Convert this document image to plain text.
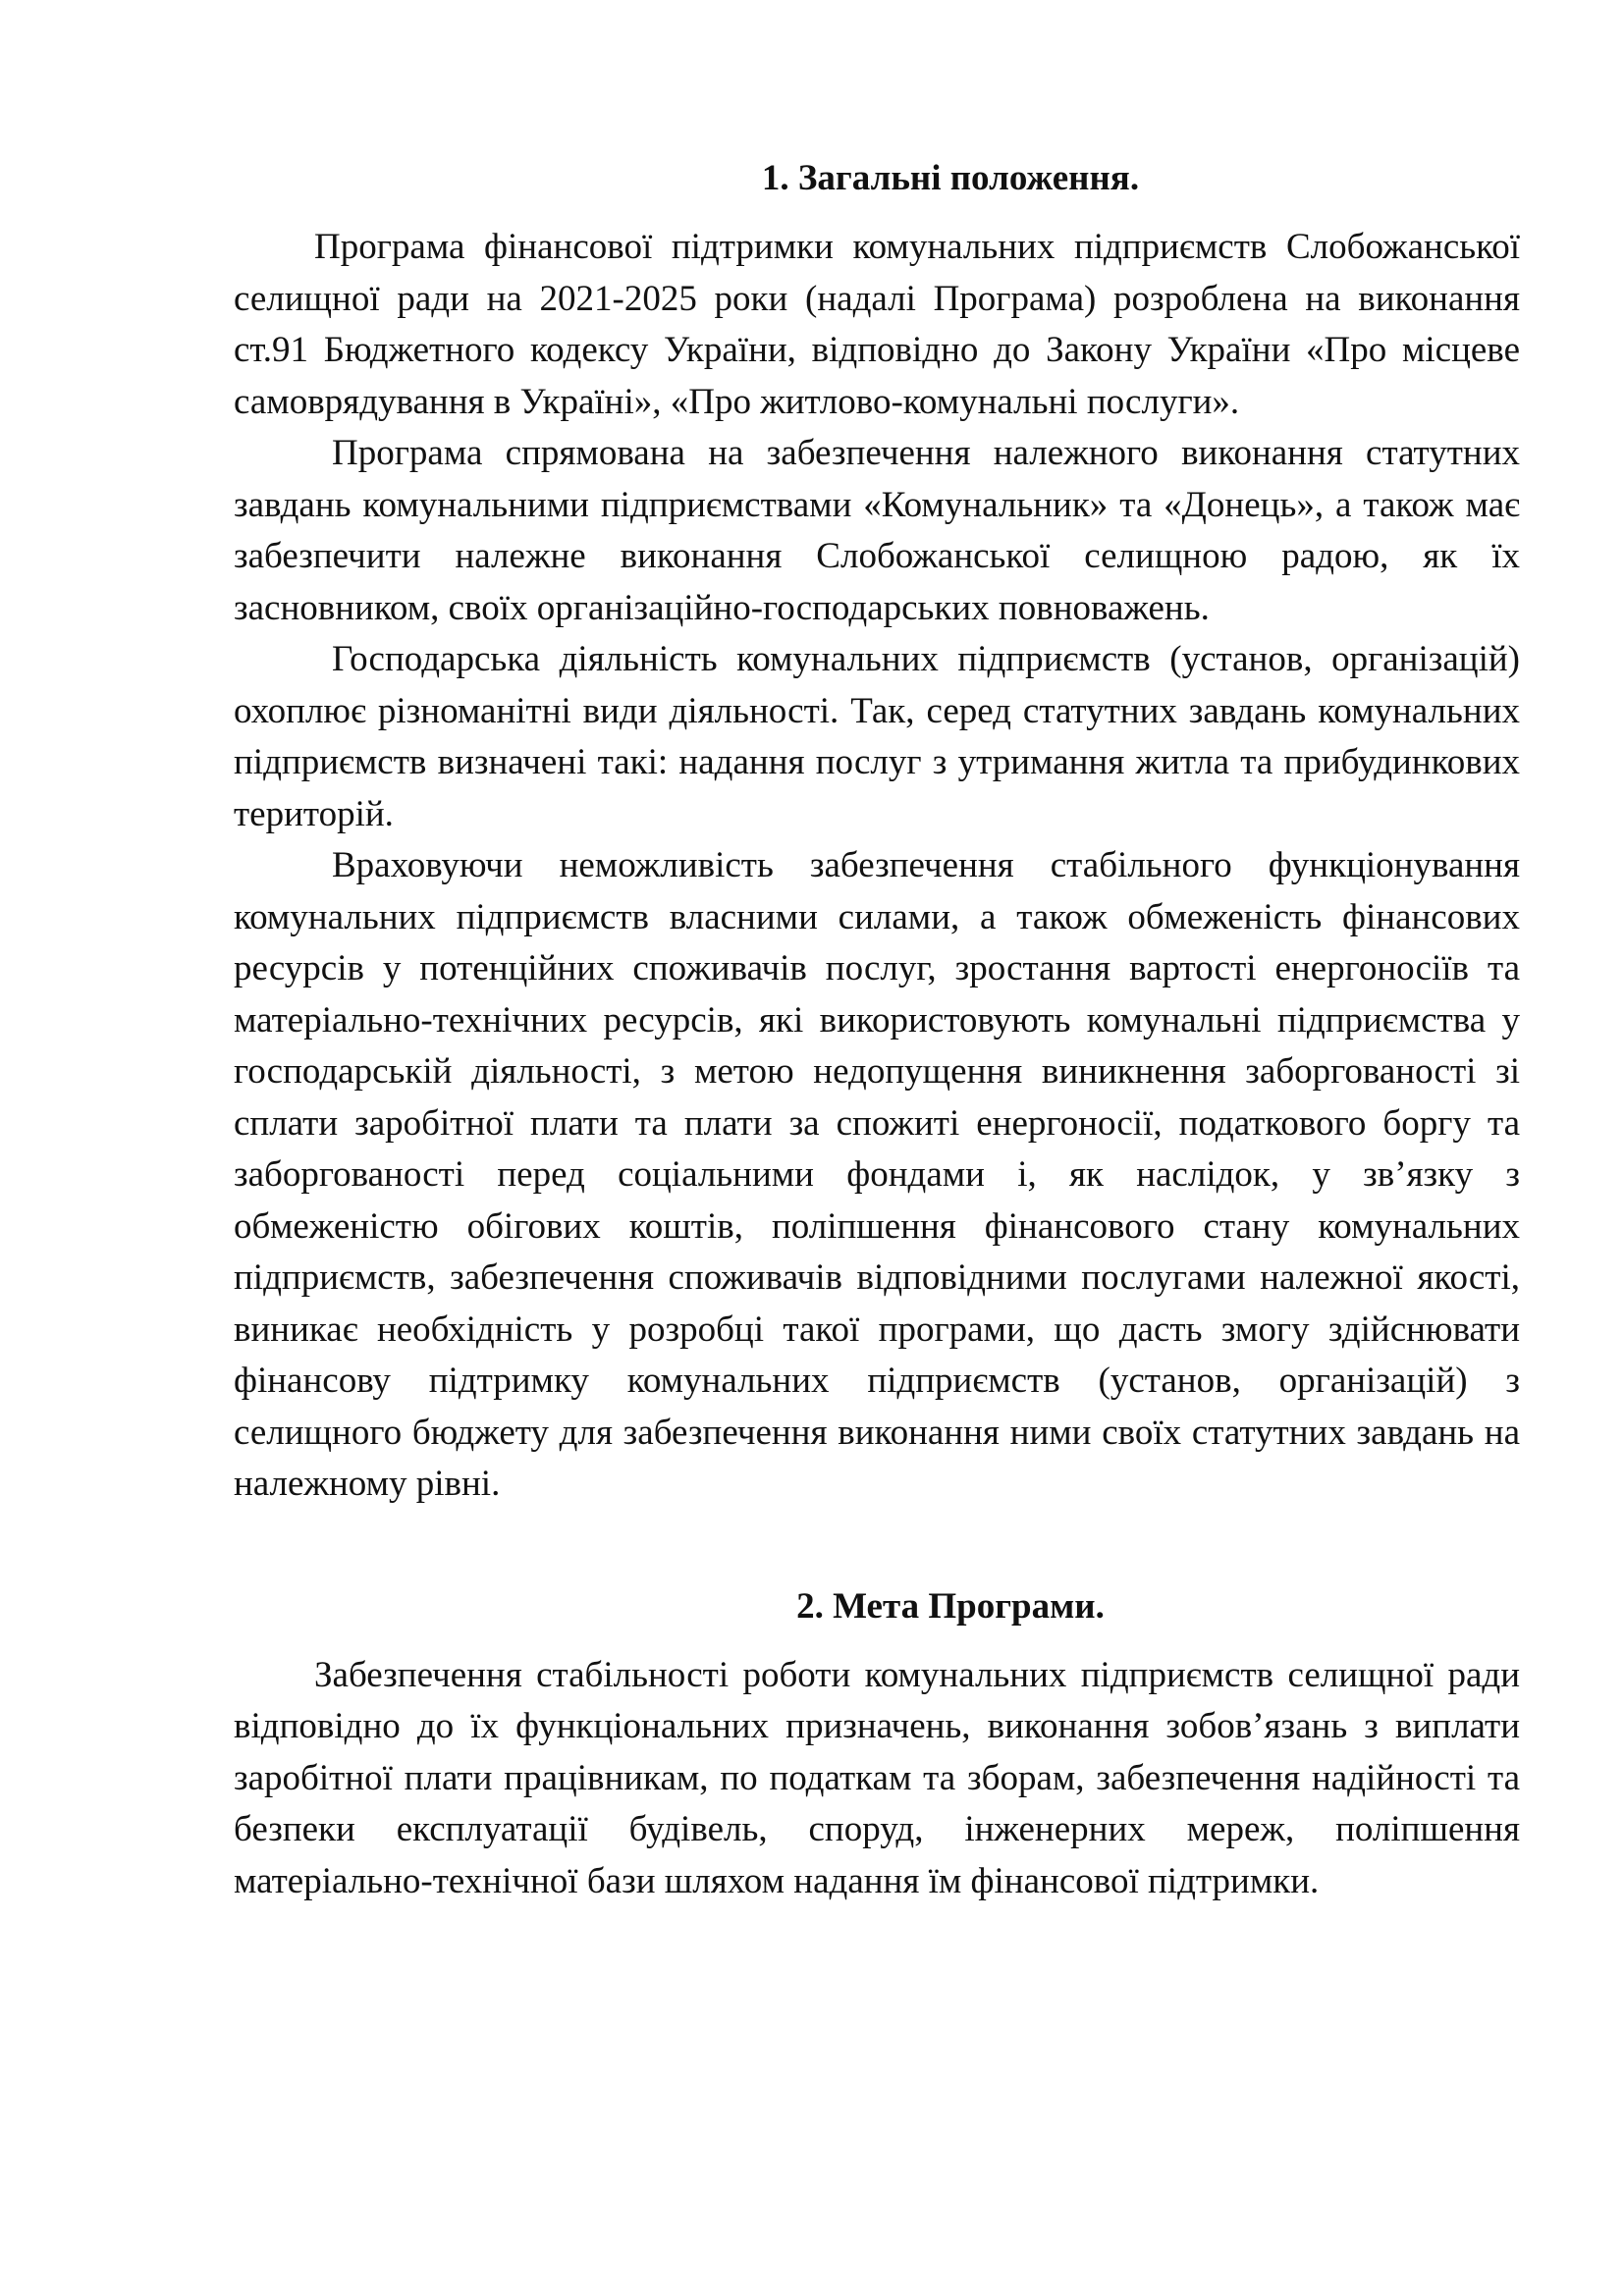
1. Загальні положення.

Програма фінансової підтримки комунальних підприємств Слобожанської селищної ради на 2021-2025 роки (надалі Програма) розроблена на виконання ст.91 Бюджетного кодексу України, відповідно до Закону України «Про місцеве самоврядування в Україні», «Про житлово-комунальні послуги».

Програма спрямована на забезпечення належного виконання статутних завдань комунальними підприємствами «Комунальник» та «Донець», а також має забезпечити належне виконання Слобожанської селищною радою, як їх засновником, своїх організаційно-господарських повноважень.

Господарська діяльність комунальних підприємств (установ, організацій) охоплює різноманітні види діяльності. Так, серед статутних завдань комунальних підприємств визначені такі: надання послуг з утримання житла та прибудинкових територій.

Враховуючи неможливість забезпечення стабільного функціонування комунальних підприємств власними силами, а також обмеженість фінансових ресурсів у потенційних споживачів послуг, зростання вартості енергоносіїв та матеріально-технічних ресурсів, які використовують комунальні підприємства у господарській діяльності, з метою недопущення виникнення заборгованості зі сплати заробітної плати та плати за спожиті енергоносії, податкового боргу та заборгованості перед соціальними фондами і, як наслідок, у зв’язку з обмеженістю обігових коштів, поліпшення фінансового стану комунальних підприємств, забезпечення споживачів відповідними послугами належної якості, виникає необхідність у розробці такої програми, що дасть змогу здійснювати фінансову підтримку комунальних підприємств (установ, організацій) з селищного бюджету для забезпечення виконання ними своїх статутних завдань на належному рівні.

2. Мета Програми.

Забезпечення стабільності роботи комунальних підприємств селищної ради відповідно до їх функціональних призначень, виконання зобов’язань з виплати заробітної плати працівникам, по податкам та зборам, забезпечення надійності та безпеки експлуатації будівель, споруд, інженерних мереж, поліпшення матеріально-технічної бази шляхом надання їм фінансової підтримки.
